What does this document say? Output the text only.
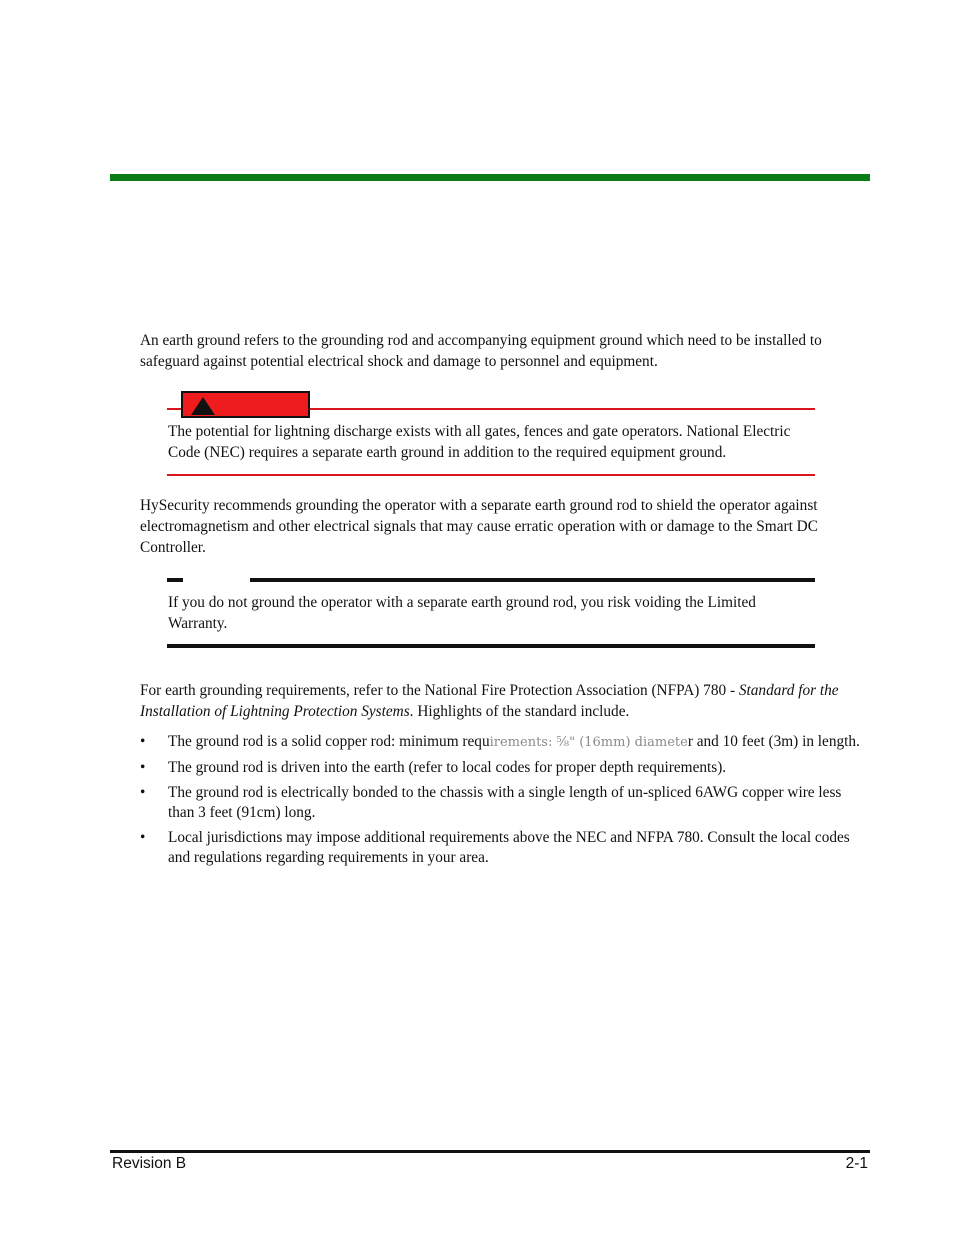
An earth ground refers to the grounding rod and accompanying equipment ground which need to be installed to safeguard against potential electrical shock and damage to personnel and equipment.

The potential for lightning discharge exists with all gates, fences and gate operators. National Electric Code (NEC) requires a separate earth ground in addition to the required equipment ground.

HySecurity recommends grounding the operator with a separate earth ground rod to shield the operator against electromagnetism and other electrical signals that may cause erratic operation with or damage to the Smart DC Controller.

If you do not ground the operator with a separate earth ground rod, you risk voiding the Limited Warranty.

For earth grounding requirements, refer to the National Fire Protection Association (NFPA) 780 - Standard for the Installation of Lightning Protection Systems. Highlights of the standard include.

• The ground rod is a solid copper rod: minimum requirements: ⅝" (16mm) diameter and 10 feet (3m) in length.
• The ground rod is driven into the earth (refer to local codes for proper depth requirements).
• The ground rod is electrically bonded to the chassis with a single length of un-spliced 6AWG copper wire less than 3 feet (91cm) long.
• Local jurisdictions may impose additional requirements above the NEC and NFPA 780. Consult the local codes and regulations regarding requirements in your area.
Revision B	2-1
